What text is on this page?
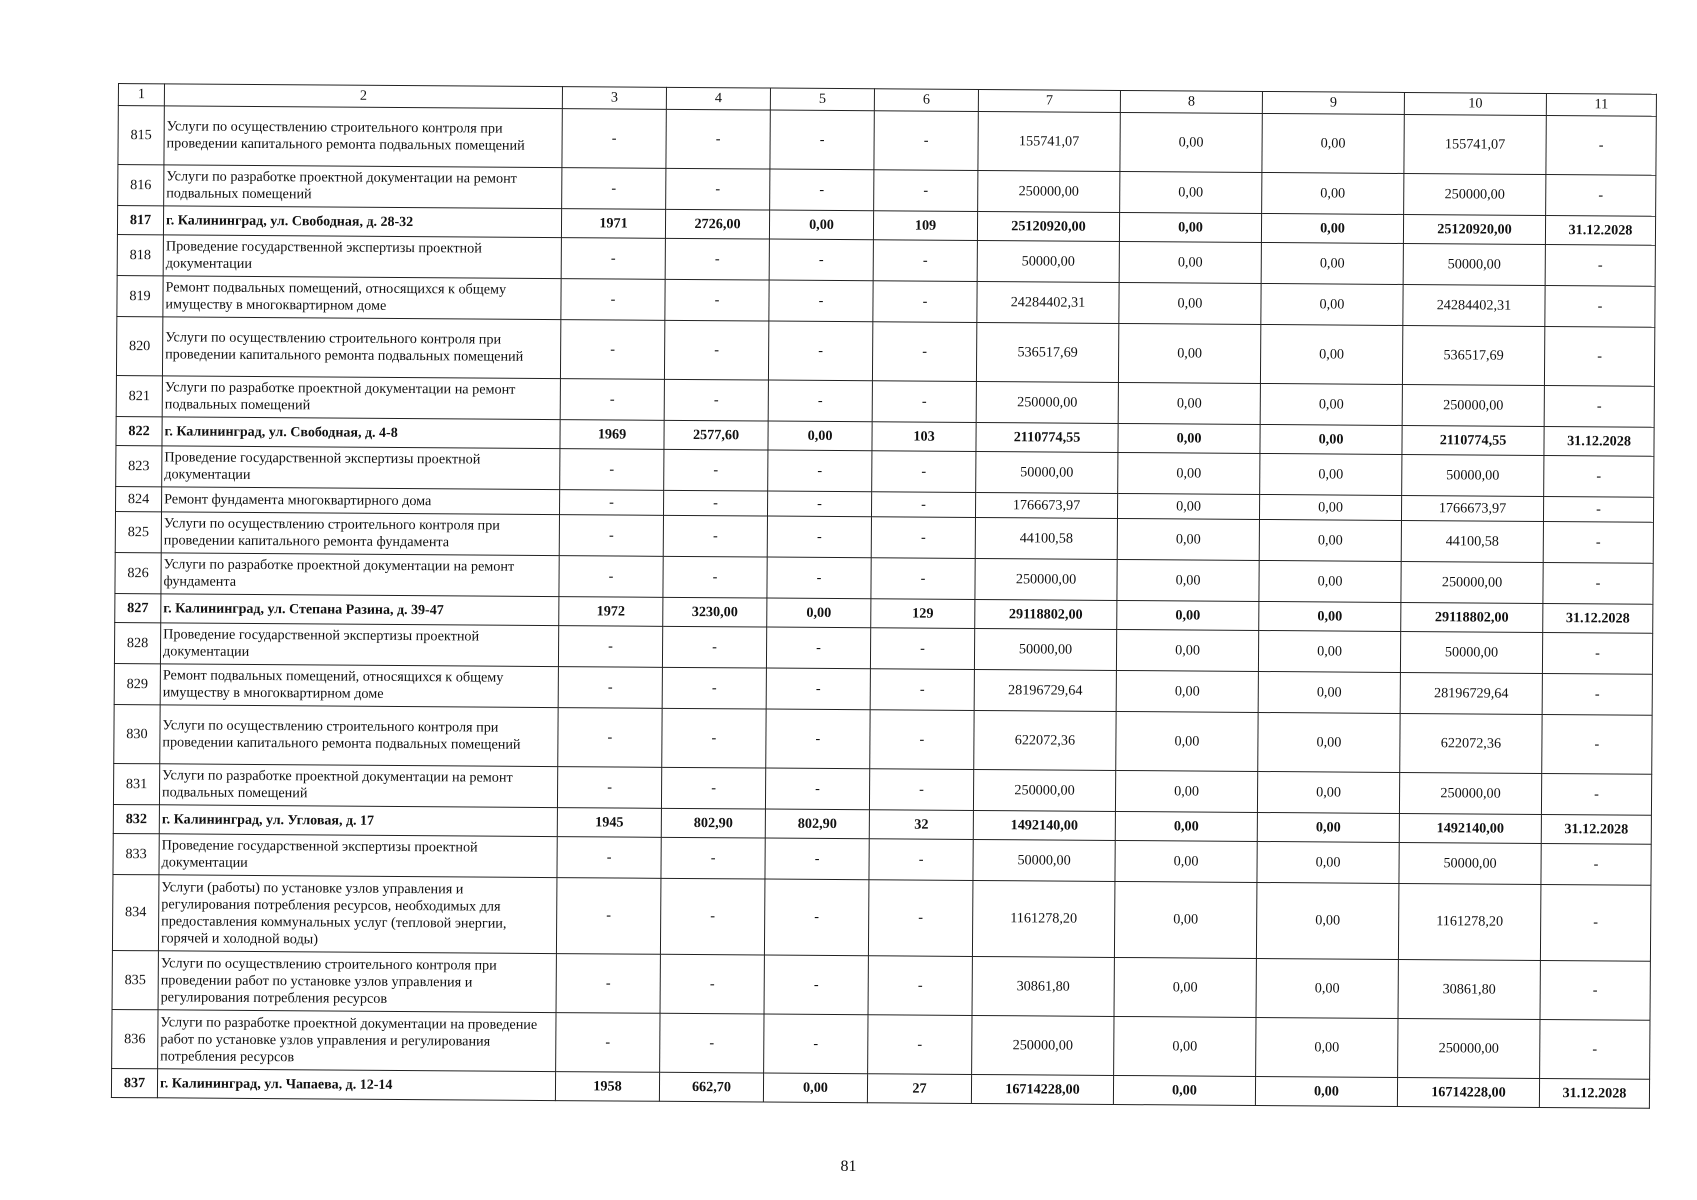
1	2	3	4	5	6	7	8	9	10	11
815	Услуги по осуществлению строительного контроля при проведении капитального ремонта подвальных помещений	-	-	-	-	155741,07	0,00	0,00	155741,07	-
816	Услуги по разработке проектной документации на ремонт подвальных помещений	-	-	-	-	250000,00	0,00	0,00	250000,00	-
817	г. Калининград, ул. Свободная, д. 28-32	1971	2726,00	0,00	109	25120920,00	0,00	0,00	25120920,00	31.12.2028
818	Проведение государственной экспертизы проектной документации	-	-	-	-	50000,00	0,00	0,00	50000,00	-
819	Ремонт подвальных помещений, относящихся к общему имуществу в многоквартирном доме	-	-	-	-	24284402,31	0,00	0,00	24284402,31	-
820	Услуги по осуществлению строительного контроля при проведении капитального ремонта подвальных помещений	-	-	-	-	536517,69	0,00	0,00	536517,69	-
821	Услуги по разработке проектной документации на ремонт подвальных помещений	-	-	-	-	250000,00	0,00	0,00	250000,00	-
822	г. Калининград, ул. Свободная, д. 4-8	1969	2577,60	0,00	103	2110774,55	0,00	0,00	2110774,55	31.12.2028
823	Проведение государственной экспертизы проектной документации	-	-	-	-	50000,00	0,00	0,00	50000,00	-
824	Ремонт фундамента многоквартирного дома	-	-	-	-	1766673,97	0,00	0,00	1766673,97	-
825	Услуги по осуществлению строительного контроля при проведении капитального ремонта фундамента	-	-	-	-	44100,58	0,00	0,00	44100,58	-
826	Услуги по разработке проектной документации на ремонт фундамента	-	-	-	-	250000,00	0,00	0,00	250000,00	-
827	г. Калининград, ул. Степана Разина, д. 39-47	1972	3230,00	0,00	129	29118802,00	0,00	0,00	29118802,00	31.12.2028
828	Проведение государственной экспертизы проектной документации	-	-	-	-	50000,00	0,00	0,00	50000,00	-
829	Ремонт подвальных помещений, относящихся к общему имуществу в многоквартирном доме	-	-	-	-	28196729,64	0,00	0,00	28196729,64	-
830	Услуги по осуществлению строительного контроля при проведении капитального ремонта подвальных помещений	-	-	-	-	622072,36	0,00	0,00	622072,36	-
831	Услуги по разработке проектной документации на ремонт подвальных помещений	-	-	-	-	250000,00	0,00	0,00	250000,00	-
832	г. Калининград, ул. Угловая, д. 17	1945	802,90	802,90	32	1492140,00	0,00	0,00	1492140,00	31.12.2028
833	Проведение государственной экспертизы проектной документации	-	-	-	-	50000,00	0,00	0,00	50000,00	-
834	Услуги (работы) по установке узлов управления и регулирования потребления ресурсов, необходимых для предоставления коммунальных услуг (тепловой энергии, горячей и холодной воды)	-	-	-	-	1161278,20	0,00	0,00	1161278,20	-
835	Услуги по осуществлению строительного контроля при проведении работ по установке узлов управления и регулирования потребления ресурсов	-	-	-	-	30861,80	0,00	0,00	30861,80	-
836	Услуги по разработке проектной документации на проведение работ по установке узлов управления и регулирования потребления ресурсов	-	-	-	-	250000,00	0,00	0,00	250000,00	-
837	г. Калининград, ул. Чапаева, д. 12-14	1958	662,70	0,00	27	16714228,00	0,00	0,00	16714228,00	31.12.2028
81
